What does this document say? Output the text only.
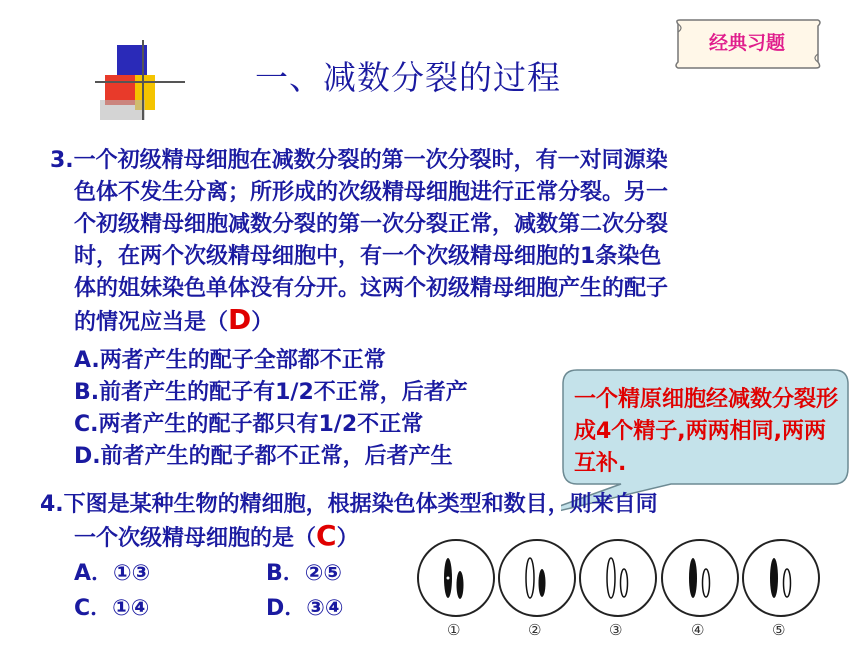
一、减数分裂的过程
经典习题
3.一个初级精母细胞在减数分裂的第一次分裂时，有一对同源染
色体不发生分离；所形成的次级精母细胞进行正常分裂。另一
个初级精母细胞减数分裂的第一次分裂正常，减数第二次分裂
时，在两个次级精母细胞中，有一个次级精母细胞的1条染色
体的姐妹染色单体没有分开。这两个初级精母细胞产生的配子
的情况应当是（D）
A.两者产生的配子全部都不正常
B.前者产生的配子有1/2不正常，后者产
C.两者产生的配子都只有1/2不正常
D.前者产生的配子都不正常，后者产生
一个精原细胞经减数分裂形成4个精子,两两相同,两两互补.
4.下图是某种生物的精细胞，根据染色体类型和数目，则来自同
一个次级精母细胞的是（C）
A．①③	B．②⑤
C．①④	D．③④
①	②	③	④	⑤
